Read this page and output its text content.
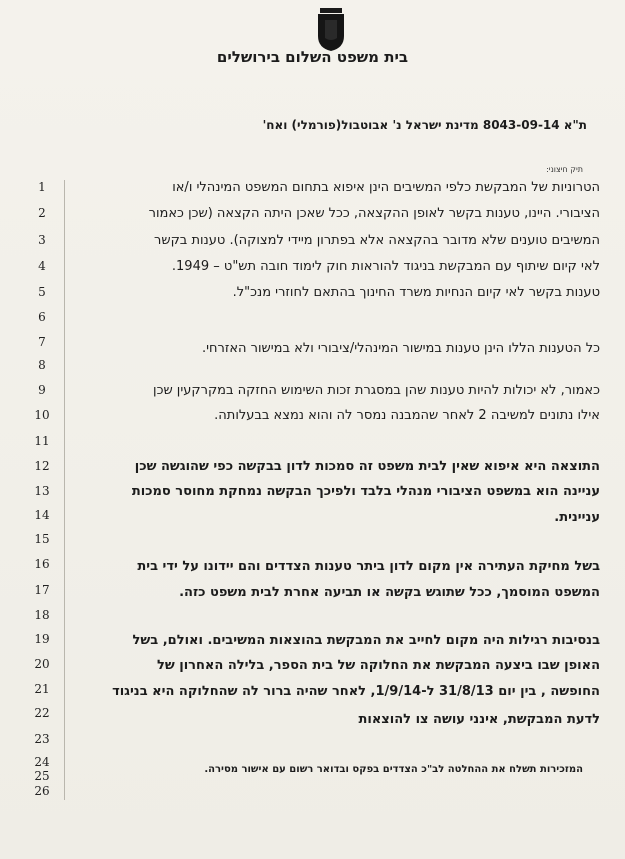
בית משפט השלום בירושלים
ת"א 8043-09-14 מדינת ישראל נ' אבוטבול(פורמלי) ואח'
תיק חיצוני:
1
2
3
4
5
6
7
8
9
10
11
12
13
14
15
16
17
18
19
20
21
22
23
24
25
26
הטרוניות של המבקשת כלפי המשיבים הינן איפוא בתחום המשפט המינהלי ו/או
הציבורי. היינו, טענות בקשר לאופן ההקצאה, ככל שאכן היתה הקצאה (שכן כאמור
המשיבים טוענים שלא מדובר בהקצאה אלא בפתרון מיידי למצוקה). טענות בקשר
לאי קיום שיתוף עם המבקשת בניגוד להוראות חוק לימוד חובה תש"ט – 1949.
טענות בקשר לאי קיום הנחיות משרד החינוך בהתאם לחוזרי מנכ"ל.
כל הטענות הללו הינן טענות במישור המינהלי/ציבורי ולא במישור האזרחי.
כאמור, לא יכולות להיות טענות שהן במסגרת זכות השימוש החזקה במקרקעין שכן
אילו נתונים למשיבה 2 לאחר שהמבנה נמסר לה והוא נמצא בבעלותה.
התוצאה היא איפוא שאין לבית משפט זה סמכות לדון בבקשה כפי שהוגשה שכן
עניינה הוא במשפט הציבורי מנהלי בלבד ולפיכך הבקשה נמחקת מחוסר סמכות
עניינית.
בשל מחיקת העתירה אין מקום לדון ביתר טענות הצדדים והם יידונו על ידי בית
המשפט המוסמך, ככל שתוגש בקשה או תביעה אחרת לבית משפט כזה.
בנסיבות רגילות היה מקום לחייב את המבקשת בהוצאות המשיבים. ואולם, בשל
האופן שבו ביצעה המבקשת את החלוקה של בית הספר, בלילה האחרון של
החופשה , בין יום 31/8/13 ל-1/9/14, לאחר שהיה ברור לה שהחלוקה היא בניגוד
לדעת המבקשת, אינני עושה צו להוצאות
המזכירות תשלח את ההחלטה לב"כ הצדדים בפקס ובדואר רשום עם אישור מסירה.
